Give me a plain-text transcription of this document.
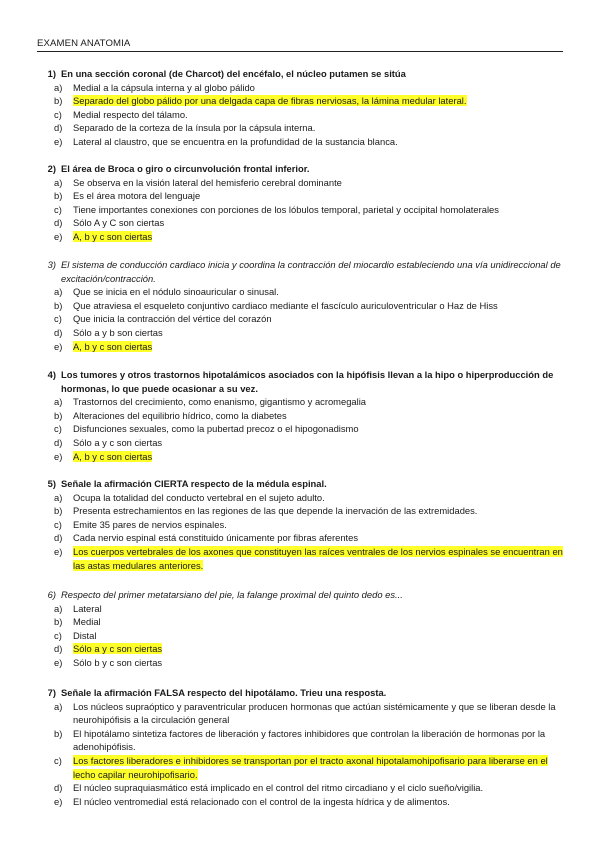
EXAMEN ANATOMIA
1) En una sección coronal (de Charcot) del encéfalo, el núcleo putamen se sitúa
a)	Medial a la cápsula interna y al globo pálido
b)	Separado del globo pálido por una delgada capa de fibras nerviosas, la lámina medular lateral.
c)	Medial respecto del tálamo.
d)	Separado de la corteza de la ínsula por la cápsula interna.
e)	Lateral al claustro, que se encuentra en la profundidad de la sustancia blanca.
2) El área de Broca o giro o circunvolución frontal inferior.
a)	Se observa en la visión lateral del hemisferio cerebral dominante
b)	Es el área motora del lenguaje
c)	Tiene importantes conexiones con porciones de los lóbulos temporal, parietal y occipital homolaterales
d)	Sólo A y C son ciertas
e)	A, b y c son ciertas
3) El sistema de conducción cardiaco inicia y coordina la contracción del miocardio estableciendo una vía unidireccional de excitación/contracción.
a)	Que se inicia en el nódulo sinoauricular o sinusal.
b)	Que atraviesa el esqueleto conjuntivo cardiaco mediante el fascículo auriculoventricular o Haz de Hiss
c)	Que inicia la contracción del vértice del corazón
d)	Sólo a y b son ciertas
e)	A, b y c son ciertas
4) Los tumores y otros trastornos hipotalámicos asociados con la hipófisis llevan a la hipo o hiperproducción de hormonas, lo que puede ocasionar a su vez.
a)	Trastornos del crecimiento, como enanismo, gigantismo y acromegalia
b)	Alteraciones del equilibrio hídrico, como la diabetes
c)	Disfunciones sexuales, como la pubertad precoz o el hipogonadismo
d)	Sólo a y c son ciertas
e)	A, b y c son ciertas
5) Señale la afirmación CIERTA respecto de la médula espinal.
a)	Ocupa la totalidad del conducto vertebral en el sujeto adulto.
b)	Presenta estrechamientos en las regiones de las que depende la inervación de las extremidades.
c)	Emite 35 pares de nervios espinales.
d)	Cada nervio espinal está constituido únicamente por fibras aferentes
e)	Los cuerpos vertebrales de los axones que constituyen las raíces ventrales de los nervios espinales se encuentran en las astas medulares anteriores.
6) Respecto del primer metatarsiano del pie, la falange proximal del quinto dedo es...
a)	Lateral
b)	Medial
c)	Distal
d)	Sólo a y c son ciertas
e)	Sólo b y c son ciertas
7) Señale la afirmación FALSA respecto del hipotálamo. Trieu una resposta.
a)	Los núcleos supraóptico y paraventricular producen hormonas que actúan sistémicamente y que se liberan desde la neurohipófisis a la circulación general
b)	El hipotálamo sintetiza factores de liberación y factores inhibidores que controlan la liberación de hormonas por la adenohipófisis.
c)	Los factores liberadores e inhibidores se transportan por el tracto axonal hipotalamohipofisario para liberarse en el lecho capilar neurohipofisario.
d)	El núcleo supraquiasmático está implicado en el control del ritmo circadiano y el ciclo sueño/vigilia.
e)	El núcleo ventromedial está relacionado con el control de la ingesta hídrica y de alimentos.
